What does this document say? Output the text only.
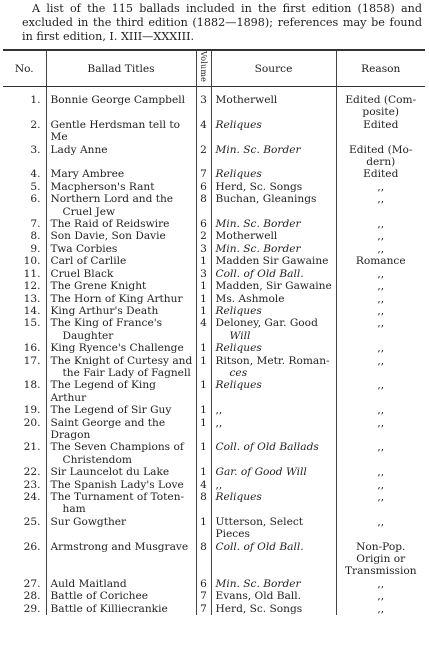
A list of the 115 ballads included in the first edition (1858) and excluded in the third edition (1882—1898); references may be found in first edition, I. XIII—XXXIII.
No.	Ballad Titles	Volume	Source	Reason
1.	Bonnie George Campbell	3	Motherwell	Edited (Com-
posite)

2.	Gentle Herdsman tell to Me	4	Reliques	Edited

3.	Lady Anne	2	Min. Sc. Border	Edited (Mo-
dern)

4.	Mary Ambree	7	Reliques	Edited

5.	Macpherson's Rant	6	Herd, Sc. Songs	,,

6.	Northern Lord and the
Cruel Jew	8	Buchan, Gleanings	,,

7.	The Raid of Reidswire	6	Min. Sc. Border	,,

8.	Son Davie, Son Davie	2	Motherwell	,,

9.	Twa Corbies	3	Min. Sc. Border	,,

10.	Carl of Carlile	1	Madden Sir Gawaine	Romance

11.	Cruel Black	3	Coll. of Old Ball.	,,

12.	The Grene Knight	1	Madden, Sir Gawaine	,,

13.	The Horn of King Arthur	1	Ms. Ashmole	,,

14.	King Arthur's Death	1	Reliques	,,

15.	The King of France's
Daughter	4	Deloney, Gar. Good
Will	,,

16.	King Ryence's Challenge	1	Reliques	,,

17.	The Knight of Curtesy and
the Fair Lady of Fagnell	1	Ritson, Metr. Roman-
ces	,,

18.	The Legend of King Arthur	1	Reliques	,,

19.	The Legend of Sir Guy	1	,,	,,

20.	Saint George and the Dragon	1	,,	,,

21.	The Seven Champions of
Christendom	1	Coll. of Old Ballads	,,

22.	Sir Launcelot du Lake	1	Gar. of Good Will	,,

23.	The Spanish Lady's Love	4	,,	,,

24.	The Turnament of Toten-
ham	8	Reliques	,,

25.	Sur Gowgther	1	Utterson, Select Pieces	,,

26.	Armstrong and Musgrave	8	Coll. of Old Ball.	Non-Pop.
Origin or
Transmission

27.	Auld Maitland	6	Min. Sc. Border	,,

28.	Battle of Corichee	7	Evans, Old Ball.	,,

29.	Battle of Killiecrankie	7	Herd, Sc. Songs	,,
